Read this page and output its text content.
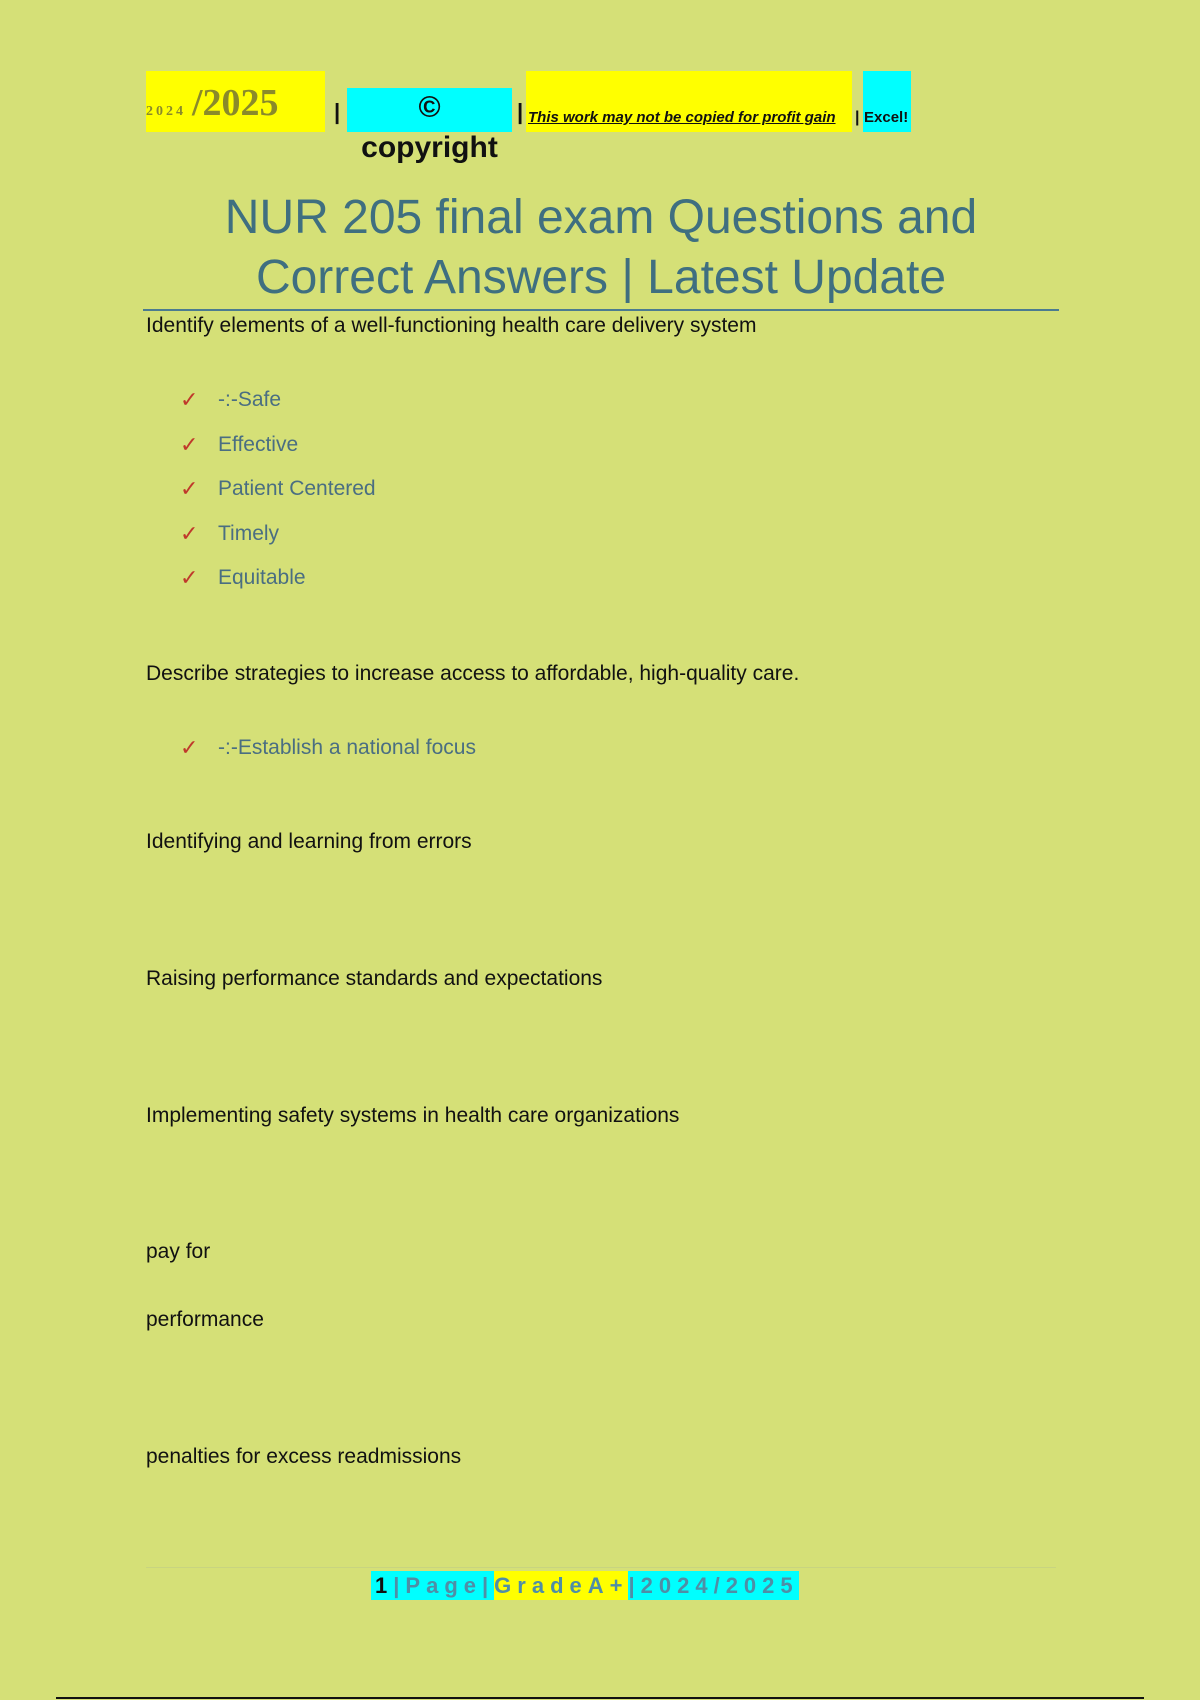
2024 /2025	|	© copyright
| This work may not be copied for profit gain | Excel!
NUR 205 final exam Questions and
Correct Answers | Latest Update

Identify elements of a well-functioning health care delivery system

✓ -:-Safe
✓ Effective
✓ Patient Centered
✓ Timely
✓ Equitable

Describe strategies to increase access to affordable, high-quality care.

✓ -:-Establish a national focus

Identifying and learning from errors

Raising performance standards and expectations

Implementing safety systems in health care organizations

pay for

performance

penalties for excess readmissions

1 |Page| GradeA+ |2024/2025
